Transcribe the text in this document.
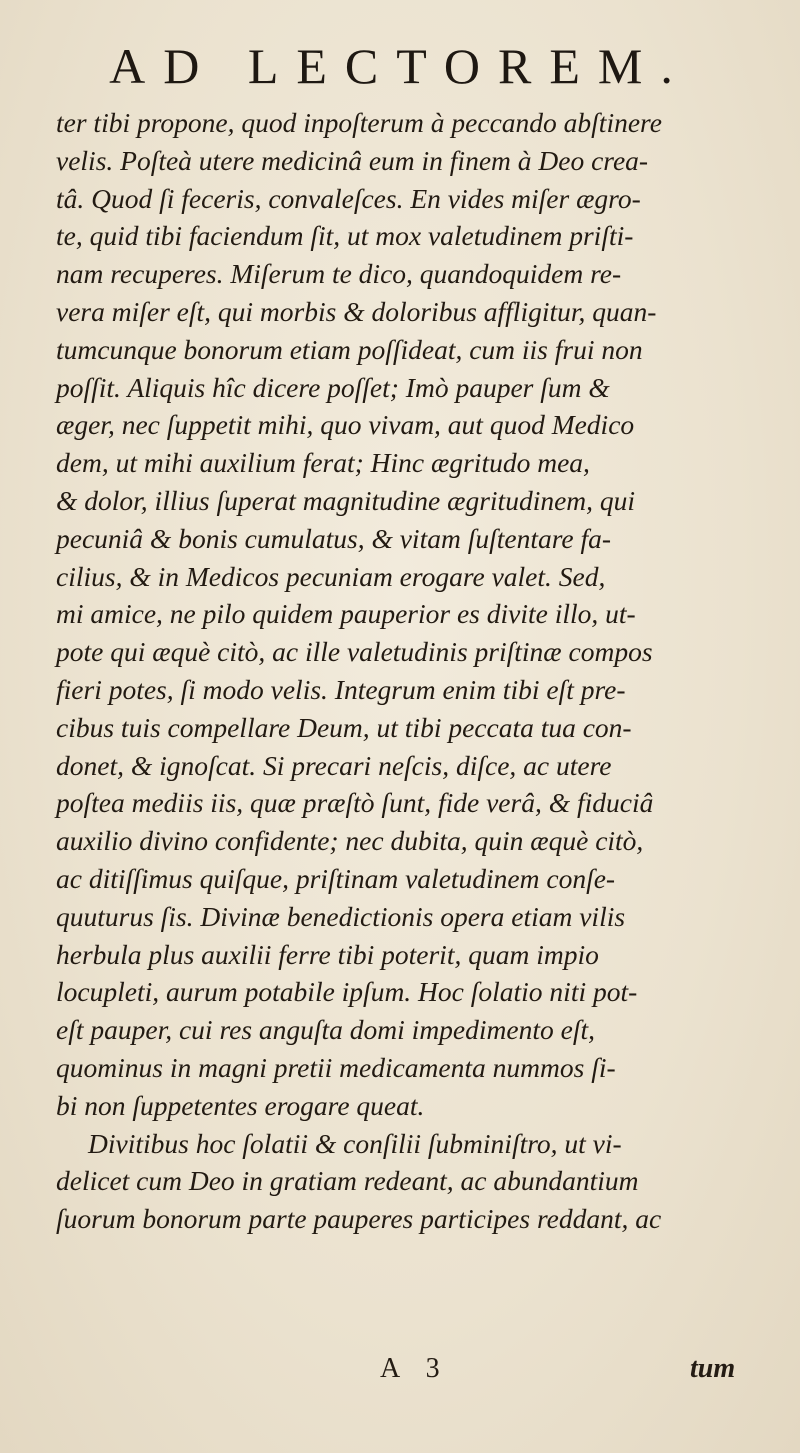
AD LECTOREM.
ter tibi propone, quod inpoſterum à peccando abſtinere
velis. Poſteà utere medicinâ eum in finem à Deo crea-
tâ. Quod ſi feceris, convaleſces. En vides miſer ægro-
te, quid tibi faciendum ſit, ut mox valetudinem priſti-
nam recuperes. Miſerum te dico, quandoquidem re-
vera miſer eſt, qui morbis & doloribus affligitur, quan-
tumcunque bonorum etiam poſſideat, cum iis frui non
poſſit. Aliquis hîc dicere poſſet; Imò pauper ſum &
æger, nec ſuppetit mihi, quo vivam, aut quod Medico
dem, ut mihi auxilium ferat; Hinc ægritudo mea,
& dolor, illius ſuperat magnitudine ægritudinem, qui
pecuniâ & bonis cumulatus, & vitam ſuſtentare fa-
cilius, & in Medicos pecuniam erogare valet. Sed,
mi amice, ne pilo quidem pauperior es divite illo, ut-
pote qui æquè citò, ac ille valetudinis priſtinæ compos
fieri potes, ſi modo velis. Integrum enim tibi eſt pre-
cibus tuis compellare Deum, ut tibi peccata tua con-
donet, & ignoſcat. Si precari neſcis, diſce, ac utere
poſtea mediis iis, quæ præſtò ſunt, fide verâ, & fiduciâ
auxilio divino confidente; nec dubita, quin æquè citò,
ac ditiſſimus quiſque, priſtinam valetudinem conſe-
quuturus ſis. Divinæ benedictionis opera etiam vilis
herbula plus auxilii ferre tibi poterit, quam impio
locupleti, aurum potabile ipſum. Hoc ſolatio niti pot-
eſt pauper, cui res anguſta domi impedimento eſt,
quominus in magni pretii medicamenta nummos ſi-
bi non ſuppetentes erogare queat.
Divitibus hoc ſolatii & conſilii ſubminiſtro, ut vi-
delicet cum Deo in gratiam redeant, ac abundantium
ſuorum bonorum parte pauperes participes reddant, ac
A 3	tum
